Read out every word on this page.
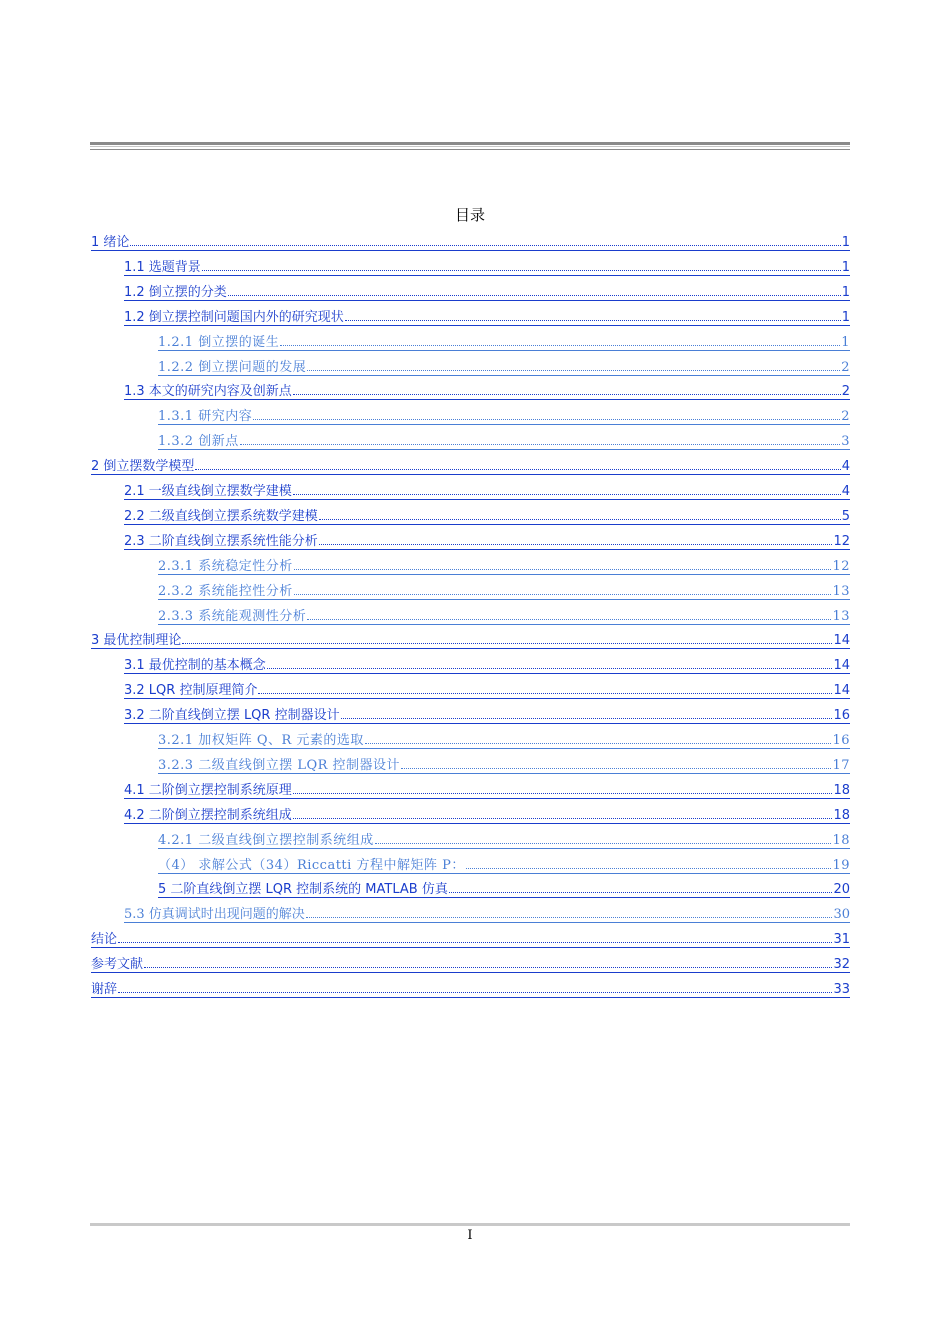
目录
1 绪论	1
1.1 选题背景	1
1.2 倒立摆的分类	1
1.2 倒立摆控制问题国内外的研究现状	1
1.2.1 倒立摆的诞生	1
1.2.2 倒立摆问题的发展	2
1.3 本文的研究内容及创新点	2
1.3.1 研究内容	2
1.3.2 创新点	3
2 倒立摆数学模型	4
2.1 一级直线倒立摆数学建模	4
2.2 二级直线倒立摆系统数学建模	5
2.3 二阶直线倒立摆系统性能分析	12
2.3.1 系统稳定性分析	12
2.3.2 系统能控性分析	13
2.3.3 系统能观测性分析	13
3 最优控制理论	14
3.1 最优控制的基本概念	14
3.2 LQR 控制原理简介	14
3.2 二阶直线倒立摆 LQR 控制器设计	16
3.2.1 加权矩阵 Q、R 元素的选取	16
3.2.3 二级直线倒立摆 LQR 控制器设计	17
4.1 二阶倒立摆控制系统原理	18
4.2 二阶倒立摆控制系统组成	18
4.2.1 二级直线倒立摆控制系统组成	18
（4） 求解公式（34）Riccatti 方程中解矩阵 P：	19
5 二阶直线倒立摆 LQR 控制系统的 MATLAB 仿真	20
5.3 仿真调试时出现问题的解决	30
结论	31
参考文献	32
谢辞	33
I
